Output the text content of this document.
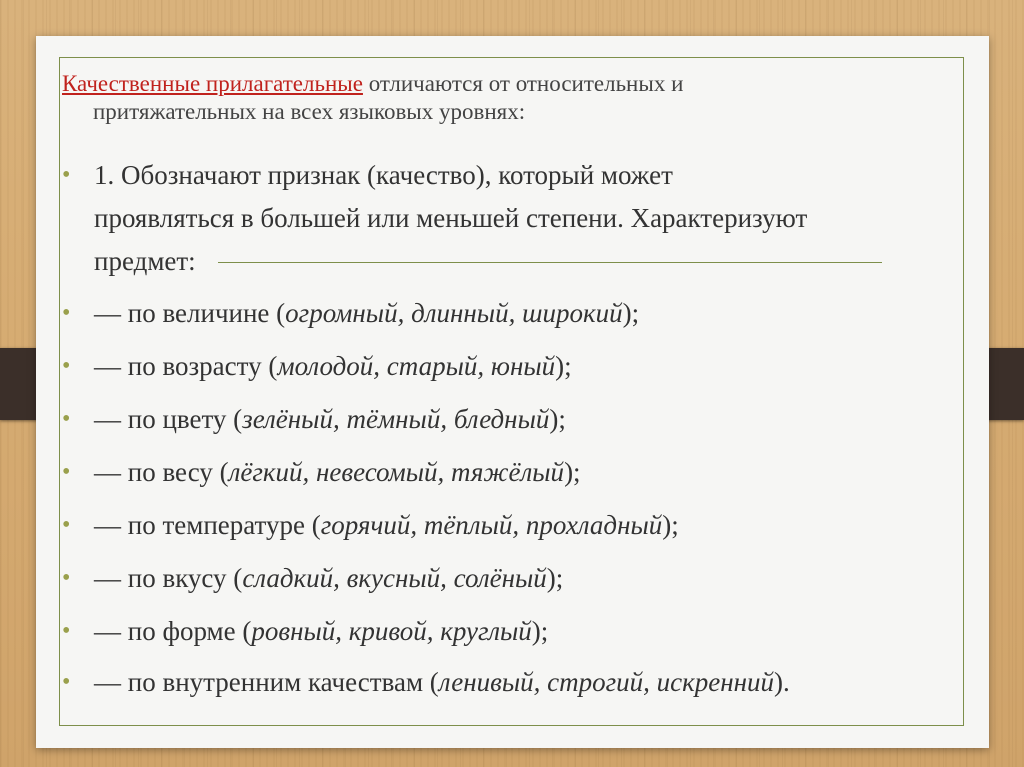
Качественные прилагательные отличаются от относительных и
притяжательных на всех языковых уровнях:
• 1. Обозначают признак (качество), который может
проявляться в большей или меньшей степени. Характеризуют
предмет:
• — по величине (огромный, длинный, широкий);
• — по возрасту (молодой, старый, юный);
• — по цвету (зелёный, тёмный, бледный);
• — по весу (лёгкий, невесомый, тяжёлый);
• — по температуре (горячий, тёплый, прохладный);
• — по вкусу (сладкий, вкусный, солёный);
• — по форме (ровный, кривой, круглый);
• — по внутренним качествам (ленивый, строгий, искренний).
